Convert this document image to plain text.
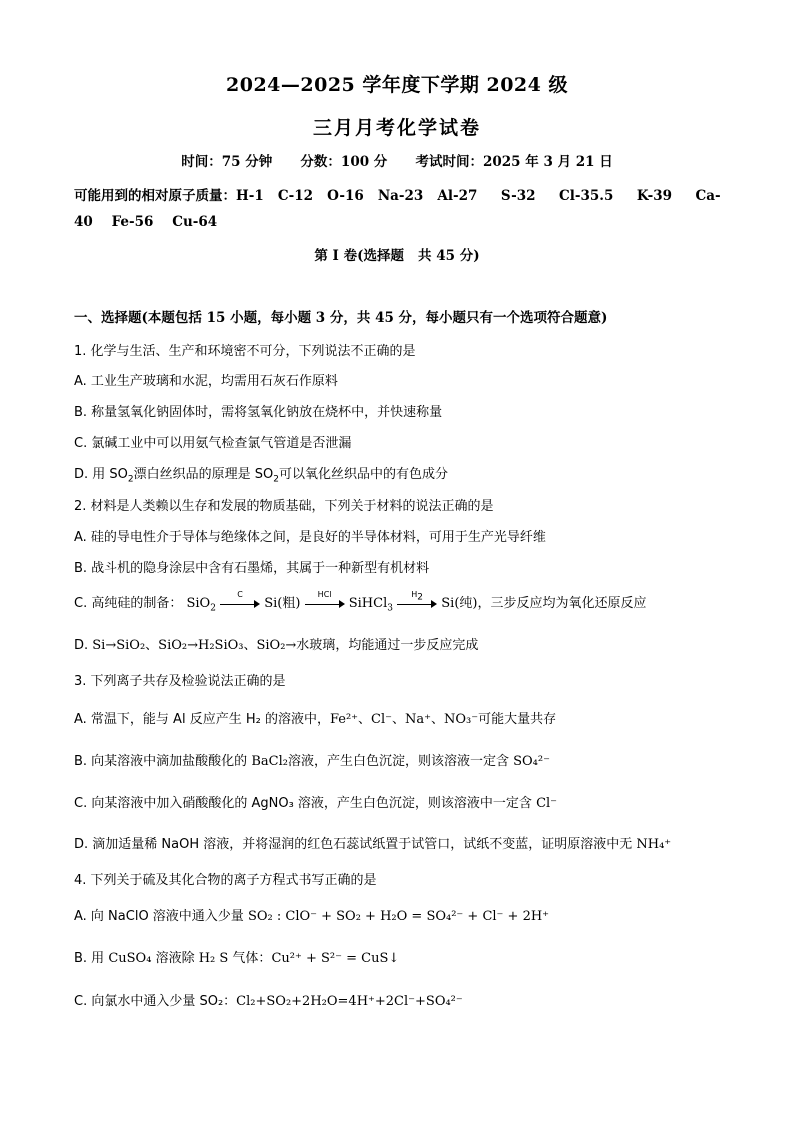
2024—2025 学年度下学期 2024 级
三月月考化学试卷
时间：75 分钟      分数：100 分      考试时间：2025 年 3 月 21 日
可能用到的相对原子质量：H-1   C-12   O-16   Na-23   Al-27     S-32     Cl-35.5     K-39     Ca-
40    Fe-56    Cu-64
第 I 卷(选择题   共 45 分)
一、选择题(本题包括 15 小题，每小题 3 分，共 45 分，每小题只有一个选项符合题意)
1. 化学与生活、生产和环境密不可分，下列说法不正确的是
A. 工业生产玻璃和水泥，均需用石灰石作原料
B. 称量氢氧化钠固体时，需将氢氧化钠放在烧杯中，并快速称量
C. 氯碱工业中可以用氨气检查氯气管道是否泄漏
D. 用 $SO_2$漂白丝织品的原理是 $SO_2$可以氧化丝织品中的有色成分
2. 材料是人类赖以生存和发展的物质基础，下列关于材料的说法正确的是
A. 硅的导电性介于导体与绝缘体之间，是良好的半导体材料，可用于生产光导纤维
B. 战斗机的隐身涂层中含有石墨烯，其属于一种新型有机材料
C. 高纯硅的制备： SiO$_2$
C
Si(粗)
HCl
SiHCl$_3$
$H_2$	Si(纯)，三步反应均为氧化还原反应
D. Si→SiO₂、SiO₂→H₂SiO₃、SiO₂→水玻璃，均能通过一步反应完成
3. 下列离子共存及检验说法正确的是
A. 常温下，能与 Al 反应产生 H₂ 的溶液中，Fe²⁺、Cl⁻、Na⁺、NO₃⁻可能大量共存
B. 向某溶液中滴加盐酸酸化的 BaCl₂溶液，产生白色沉淀，则该溶液一定含 SO₄²⁻
C. 向某溶液中加入硝酸酸化的 AgNO₃ 溶液，产生白色沉淀，则该溶液中一定含 Cl⁻
D. 滴加适量稀 NaOH 溶液，并将湿润的红色石蕊试纸置于试管口，试纸不变蓝，证明原溶液中无 NH₄⁺
4. 下列关于硫及其化合物的离子方程式书写正确的是
A. 向 NaClO 溶液中通入少量 SO₂ : ClO⁻ + SO₂ + H₂O = SO₄²⁻ + Cl⁻ + 2H⁺
B. 用 CuSO₄ 溶液除 H₂ S 气体：Cu²⁺ + S²⁻ = CuS↓
C. 向氯水中通入少量 SO₂：Cl₂+SO₂+2H₂O=4H⁺+2Cl⁻+SO₄²⁻
